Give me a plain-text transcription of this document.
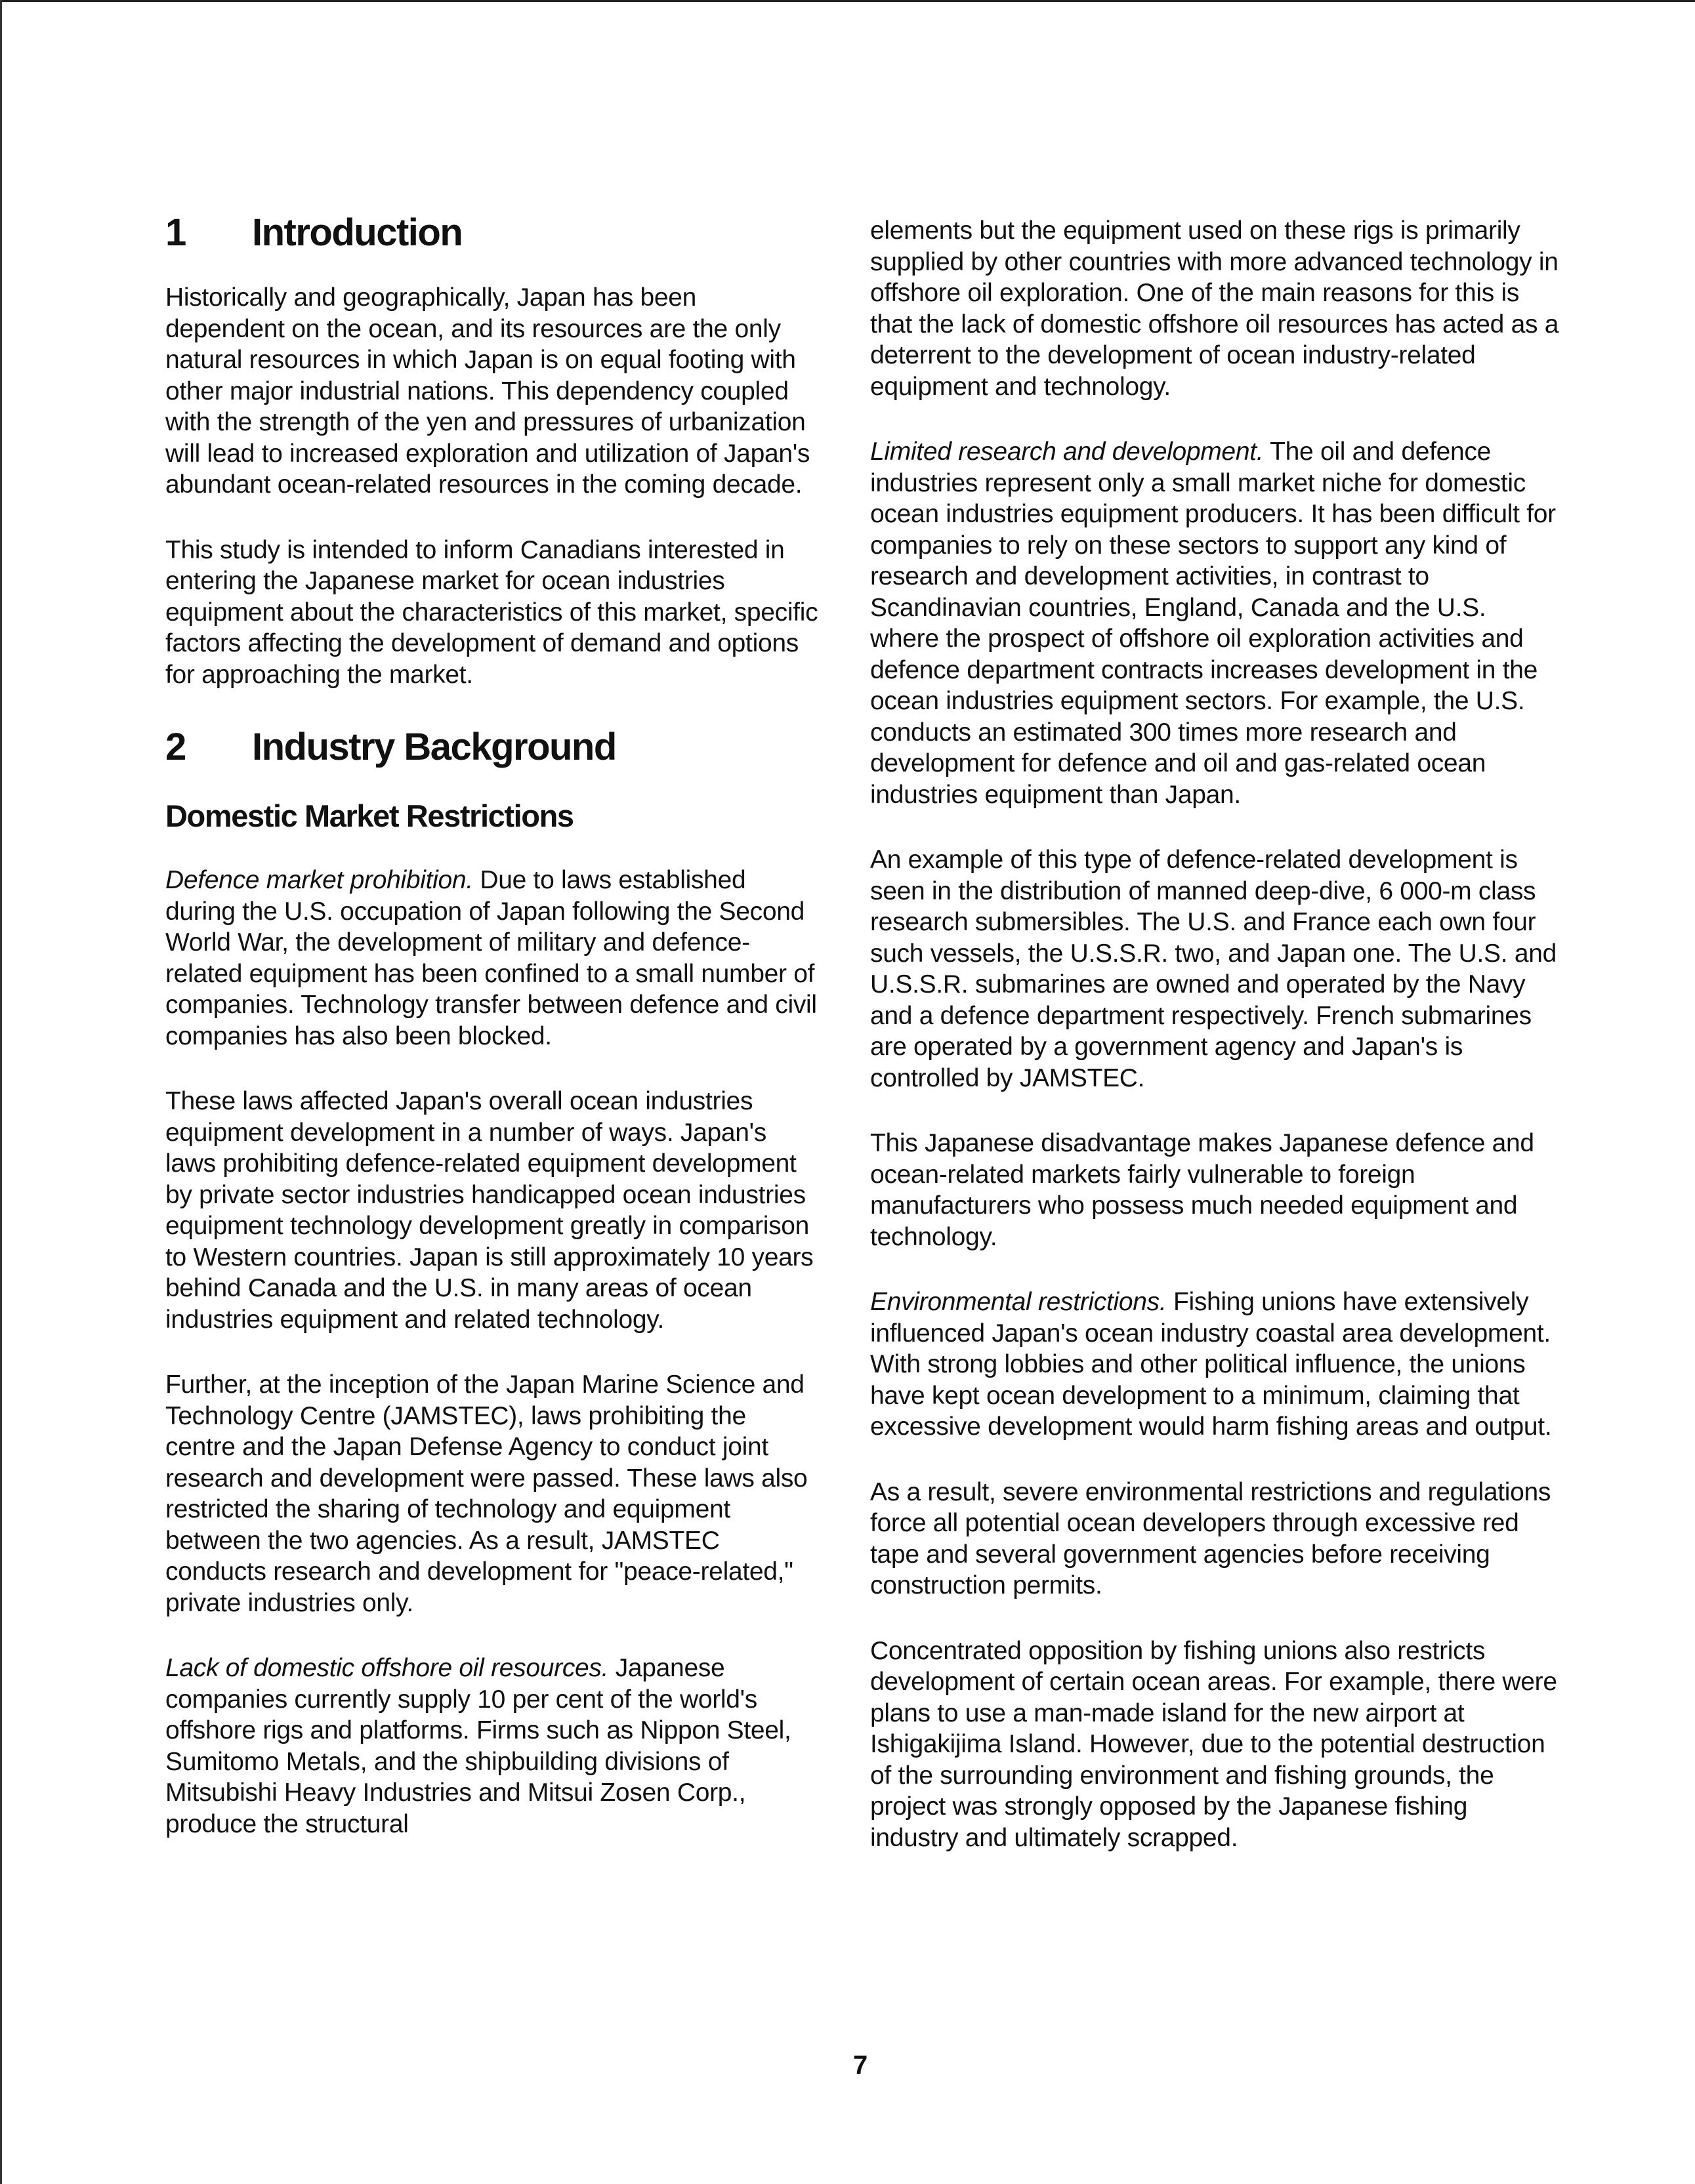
1 Introduction

Historically and geographically, Japan has been dependent on the ocean, and its resources are the only natural resources in which Japan is on equal footing with other major industrial nations. This dependency coupled with the strength of the yen and pressures of urbanization will lead to increased exploration and utilization of Japan's abundant ocean-related resources in the coming decade.

This study is intended to inform Canadians interested in entering the Japanese market for ocean industries equipment about the characteristics of this market, specific factors affecting the development of demand and options for approaching the market.

2 Industry Background
Domestic Market Restrictions

Defence market prohibition. Due to laws established during the U.S. occupation of Japan following the Second World War, the development of military and defence-related equipment has been confined to a small number of companies. Technology transfer between defence and civil companies has also been blocked.

These laws affected Japan's overall ocean industries equipment development in a number of ways. Japan's laws prohibiting defence-related equipment development by private sector industries handicapped ocean industries equipment technology development greatly in comparison to Western countries. Japan is still approximately 10 years behind Canada and the U.S. in many areas of ocean industries equipment and related technology.

Further, at the inception of the Japan Marine Science and Technology Centre (JAMSTEC), laws prohibiting the centre and the Japan Defense Agency to conduct joint research and development were passed. These laws also restricted the sharing of technology and equipment between the two agencies. As a result, JAMSTEC conducts research and development for "peace-related," private industries only.

Lack of domestic offshore oil resources. Japanese companies currently supply 10 per cent of the world's offshore rigs and platforms. Firms such as Nippon Steel, Sumitomo Metals, and the shipbuilding divisions of Mitsubishi Heavy Industries and Mitsui Zosen Corp., produce the structural

elements but the equipment used on these rigs is primarily supplied by other countries with more advanced technology in offshore oil exploration. One of the main reasons for this is that the lack of domestic offshore oil resources has acted as a deterrent to the development of ocean industry-related equipment and technology.

Limited research and development. The oil and defence industries represent only a small market niche for domestic ocean industries equipment producers. It has been difficult for companies to rely on these sectors to support any kind of research and development activities, in contrast to Scandinavian countries, England, Canada and the U.S. where the prospect of offshore oil exploration activities and defence department contracts increases development in the ocean industries equipment sectors. For example, the U.S. conducts an estimated 300 times more research and development for defence and oil and gas-related ocean industries equipment than Japan.

An example of this type of defence-related development is seen in the distribution of manned deep-dive, 6 000-m class research submersibles. The U.S. and France each own four such vessels, the U.S.S.R. two, and Japan one. The U.S. and U.S.S.R. submarines are owned and operated by the Navy and a defence department respectively. French submarines are operated by a government agency and Japan's is controlled by JAMSTEC.

This Japanese disadvantage makes Japanese defence and ocean-related markets fairly vulnerable to foreign manufacturers who possess much needed equipment and technology.

Environmental restrictions. Fishing unions have extensively influenced Japan's ocean industry coastal area development. With strong lobbies and other political influence, the unions have kept ocean development to a minimum, claiming that excessive development would harm fishing areas and output.

As a result, severe environmental restrictions and regulations force all potential ocean developers through excessive red tape and several government agencies before receiving construction permits.

Concentrated opposition by fishing unions also restricts development of certain ocean areas. For example, there were plans to use a man-made island for the new airport at Ishigakijima Island. However, due to the potential destruction of the surrounding environment and fishing grounds, the project was strongly opposed by the Japanese fishing industry and ultimately scrapped.

7
